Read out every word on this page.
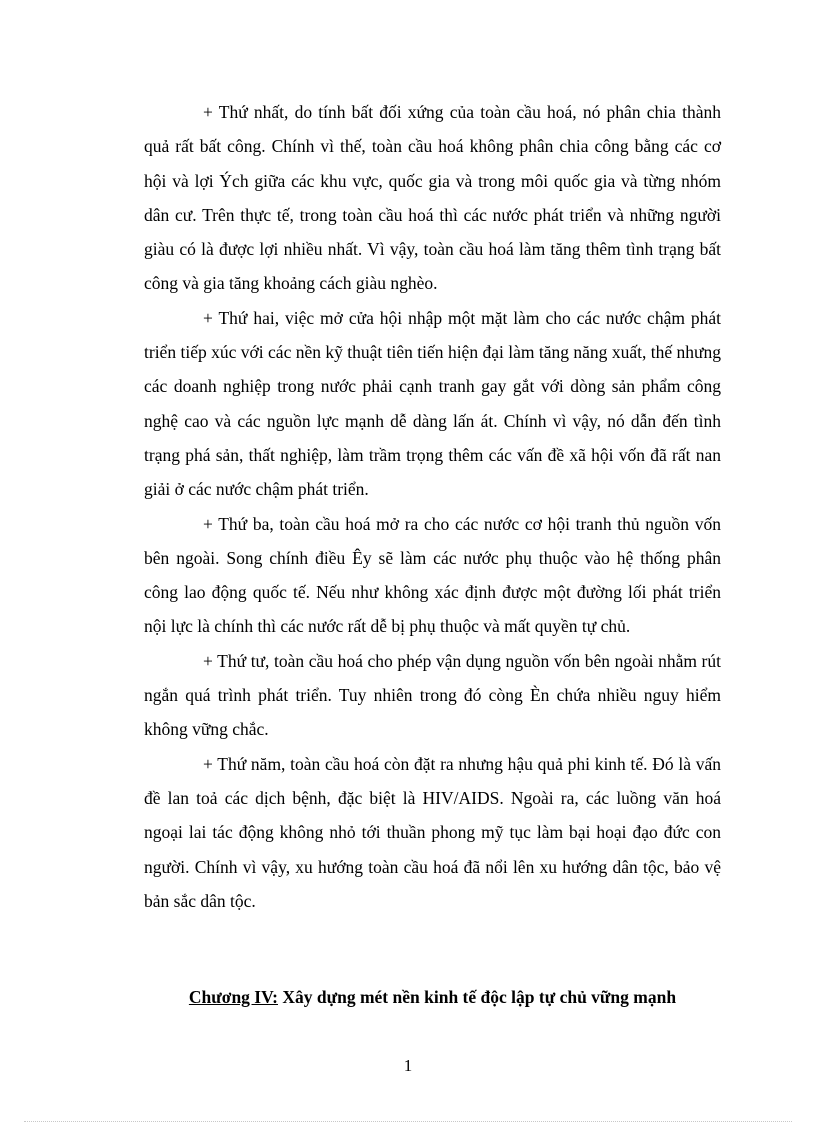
+ Thứ nhất, do tính bất đối xứng của toàn cầu hoá, nó phân chia thành quả rất bất công. Chính vì thế, toàn cầu hoá không phân chia công bằng các cơ hội và lợi Ých giữa các khu vực, quốc gia và trong môi quốc gia và từng nhóm dân cư. Trên thực tế, trong toàn cầu hoá thì các nước phát triển và những người giàu có là được lợi nhiều nhất. Vì vậy, toàn cầu hoá làm tăng thêm tình trạng bất công và gia tăng khoảng cách giàu nghèo.

+ Thứ hai, việc mở cửa hội nhập một mặt làm cho các nước chậm phát triển tiếp xúc với các nền kỹ thuật tiên tiến hiện đại làm tăng năng xuất, thế nhưng các doanh nghiệp trong nước phải cạnh tranh gay gắt với dòng sản phẩm công nghệ cao và các nguồn lực mạnh dễ dàng lấn át. Chính vì vậy, nó dẫn đến tình trạng phá sản, thất nghiệp, làm trầm trọng thêm các vấn đề xã hội vốn đã rất nan giải ở các nước chậm phát triển.

+ Thứ ba, toàn cầu hoá mở ra cho các nước cơ hội tranh thủ nguồn vốn bên ngoài. Song chính điều Êy sẽ làm các nước phụ thuộc vào hệ thống phân công lao động quốc tế. Nếu như không xác định được một đường lối phát triển nội lực là chính thì các nước rất dễ bị phụ thuộc và mất quyền tự chủ.

+ Thứ tư, toàn cầu hoá cho phép vận dụng nguồn vốn bên ngoài nhằm rút ngắn quá trình phát triển. Tuy nhiên trong đó còng Èn chứa nhiều nguy hiểm không vững chắc.

+ Thứ năm, toàn cầu hoá còn đặt ra nhưng hậu quả phi kinh tế. Đó là vấn đề lan toả các dịch bệnh, đặc biệt là HIV/AIDS. Ngoài ra, các luồng văn hoá ngoại lai tác động không nhỏ tới thuần phong mỹ tục làm bại hoại đạo đức con người. Chính vì vậy, xu hướng toàn cầu hoá đã nổi lên xu hướng dân tộc, bảo vệ bản sắc dân tộc.

Chương IV: Xây dựng mét nền kinh tế độc lập tự chủ vững mạnh
1
